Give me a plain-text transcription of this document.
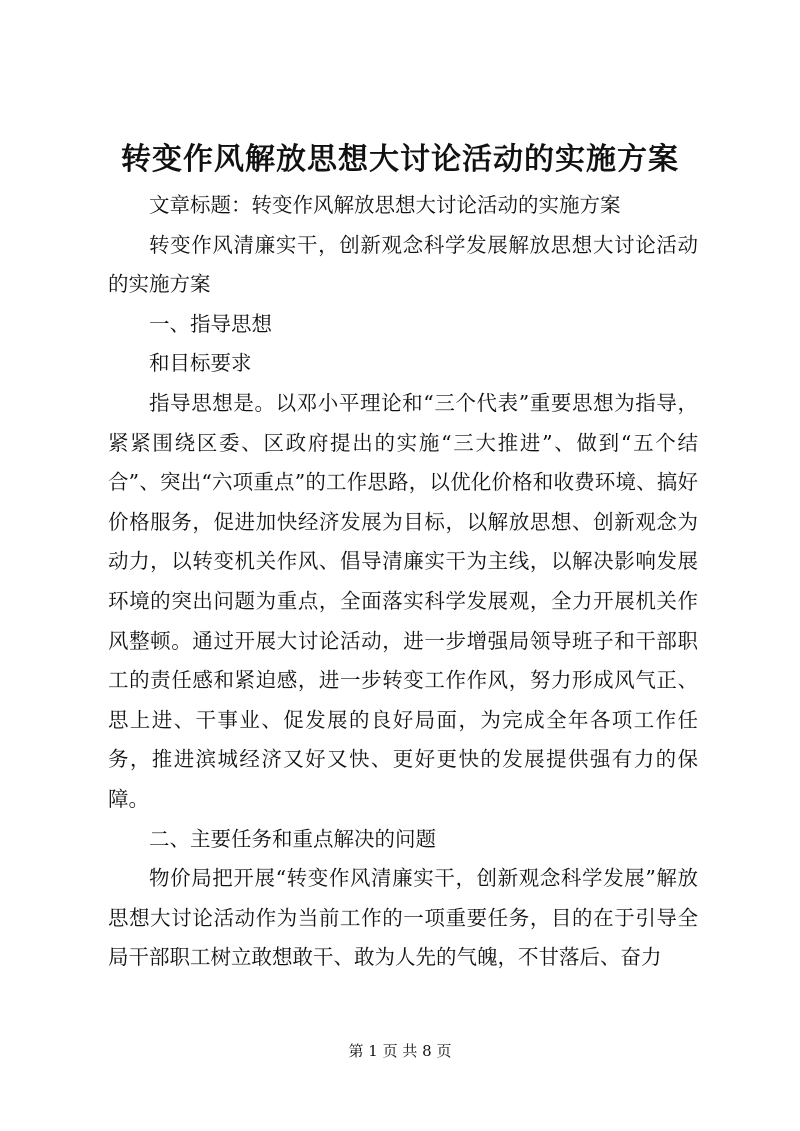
转变作风解放思想大讨论活动的实施方案

文章标题：转变作风解放思想大讨论活动的实施方案

转变作风清廉实干，创新观念科学发展解放思想大讨论活动的实施方案

一、指导思想

和目标要求

指导思想是。以邓小平理论和“三个代表”重要思想为指导，紧紧围绕区委、区政府提出的实施“三大推进”、做到“五个结合”、突出“六项重点”的工作思路，以优化价格和收费环境、搞好价格服务，促进加快经济发展为目标，以解放思想、创新观念为动力，以转变机关作风、倡导清廉实干为主线，以解决影响发展环境的突出问题为重点，全面落实科学发展观，全力开展机关作风整顿。通过开展大讨论活动，进一步增强局领导班子和干部职工的责任感和紧迫感，进一步转变工作作风，努力形成风气正、思上进、干事业、促发展的良好局面，为完成全年各项工作任务，推进滨城经济又好又快、更好更快的发展提供强有力的保障。

二、主要任务和重点解决的问题

物价局把开展“转变作风清廉实干，创新观念科学发展”解放思想大讨论活动作为当前工作的一项重要任务，目的在于引导全局干部职工树立敢想敢干、敢为人先的气魄，不甘落后、奋力

第 1 页 共 8 页
